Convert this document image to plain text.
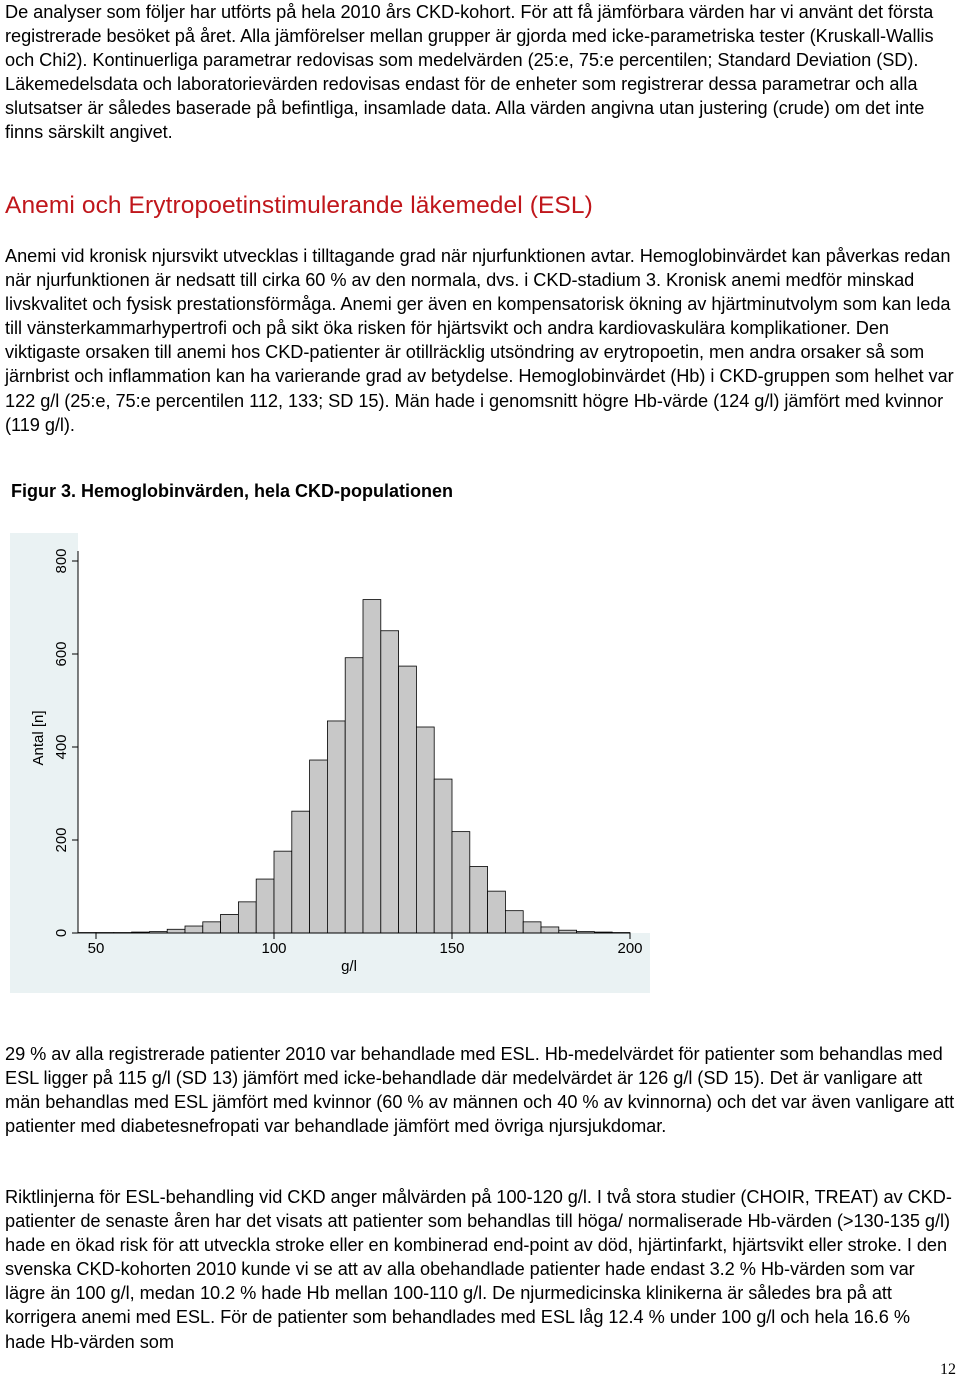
De analyser som följer har utförts på hela 2010 års CKD-kohort. För att få jämförbara värden har vi använt det första registrerade besöket på året. Alla jämförelser mellan grupper är gjorda med icke-parametriska tester (Kruskall-Wallis och Chi2). Kontinuerliga parametrar redovisas som medelvärden (25:e, 75:e percentilen; Standard Deviation (SD). Läkemedelsdata och laboratorievärden redovisas endast för de enheter som registrerar dessa parametrar och alla slutsatser är således baserade på befintliga, insamlade data. Alla värden angivna utan justering (crude) om det inte finns särskilt angivet.

Anemi och Erytropoetinstimulerande läkemedel (ESL)

Anemi vid kronisk njursvikt utvecklas i tilltagande grad när njurfunktionen avtar. Hemoglobinvärdet kan påverkas redan när njurfunktionen är nedsatt till cirka 60 % av den normala, dvs. i CKD-stadium 3. Kronisk anemi medför minskad livskvalitet och fysisk prestationsförmåga. Anemi ger även en kompensatorisk ökning av hjärtminutvolym som kan leda till vänsterkammarhypertrofi och på sikt öka risken för hjärtsvikt och andra kardiovaskulära komplikationer. Den viktigaste orsaken till anemi hos CKD-patienter är otillräcklig utsöndring av erytropoetin, men andra orsaker så som järnbrist och inflammation kan ha varierande grad av betydelse. Hemoglobinvärdet (Hb) i CKD-gruppen som helhet var 122 g/l (25:e, 75:e percentilen 112, 133; SD 15). Män hade i genomsnitt högre Hb-värde (124 g/l) jämfört med kvinnor (119 g/l).

Figur 3. Hemoglobinvärden, hela CKD-populationen

0
200
400
600
800
50	100	150	200
Antal [n]
g/l

29 % av alla registrerade patienter 2010 var behandlade med ESL. Hb-medelvärdet för patienter som behandlas med ESL ligger på 115 g/l (SD 13) jämfört med icke-behandlade där medelvärdet är 126 g/l (SD 15). Det är vanligare att män behandlas med ESL jämfört med kvinnor (60 % av männen och 40 % av kvinnorna) och det var även vanligare att patienter med diabetesnefropati var behandlade jämfört med övriga njursjukdomar.

Riktlinjerna för ESL-behandling vid CKD anger målvärden på 100-120 g/l. I två stora studier (CHOIR, TREAT) av CKD-patienter de senaste åren har det visats att patienter som behandlas till höga/ normaliserade Hb-värden (>130-135 g/l) hade en ökad risk för att utveckla stroke eller en kombinerad end-point av död, hjärtinfarkt, hjärtsvikt eller stroke. I den svenska CKD-kohorten 2010 kunde vi se att av alla obehandlade patienter hade endast 3.2 % Hb-värden som var lägre än 100 g/l, medan 10.2 % hade Hb mellan 100-110 g/l. De njurmedicinska klinikerna är således bra på att korrigera anemi med ESL. För de patienter som behandlades med ESL låg 12.4 % under 100 g/l och hela 16.6 % hade Hb-värden som

12
